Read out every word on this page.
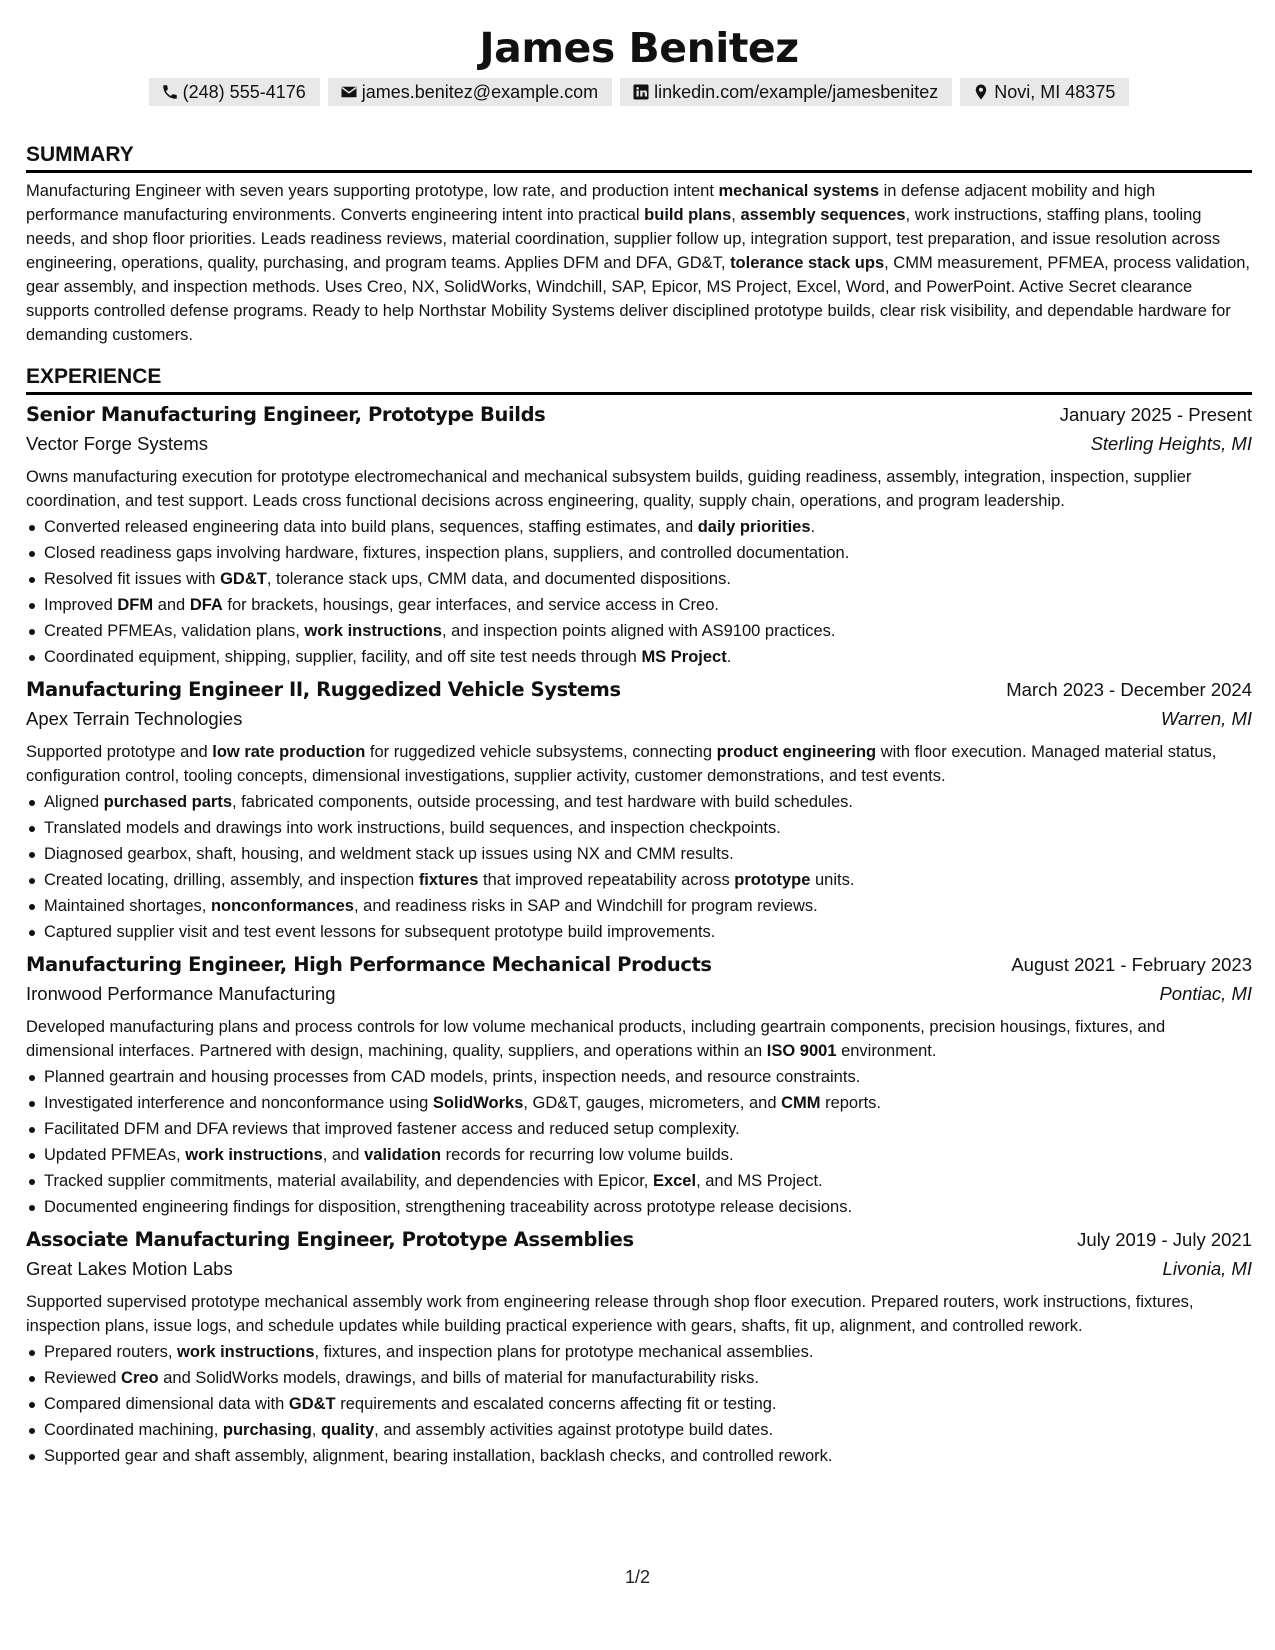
James Benitez
(248) 555-4176	james.benitez@example.com	linkedin.com/example/jamesbenitez	Novi, MI 48375
SUMMARY

Manufacturing Engineer with seven years supporting prototype, low rate, and production intent mechanical systems in defense adjacent mobility and high performance manufacturing environments. Converts engineering intent into practical build plans, assembly sequences, work instructions, staffing plans, tooling needs, and shop floor priorities. Leads readiness reviews, material coordination, supplier follow up, integration support, test preparation, and issue resolution across engineering, operations, quality, purchasing, and program teams. Applies DFM and DFA, GD&T, tolerance stack ups, CMM measurement, PFMEA, process validation, gear assembly, and inspection methods. Uses Creo, NX, SolidWorks, Windchill, SAP, Epicor, MS Project, Excel, Word, and PowerPoint. Active Secret clearance supports controlled defense programs. Ready to help Northstar Mobility Systems deliver disciplined prototype builds, clear risk visibility, and dependable hardware for demanding customers.

EXPERIENCE
Senior Manufacturing Engineer, Prototype Builds	January 2025 - Present
Vector Forge Systems	Sterling Heights, MI

Owns manufacturing execution for prototype electromechanical and mechanical subsystem builds, guiding readiness, assembly, integration, inspection, supplier coordination, and test support. Leads cross functional decisions across engineering, quality, supply chain, operations, and program leadership.

Converted released engineering data into build plans, sequences, staffing estimates, and daily priorities.
Closed readiness gaps involving hardware, fixtures, inspection plans, suppliers, and controlled documentation.
Resolved fit issues with GD&T, tolerance stack ups, CMM data, and documented dispositions.
Improved DFM and DFA for brackets, housings, gear interfaces, and service access in Creo.
Created PFMEAs, validation plans, work instructions, and inspection points aligned with AS9100 practices.
Coordinated equipment, shipping, supplier, facility, and off site test needs through MS Project.
Manufacturing Engineer II, Ruggedized Vehicle Systems	March 2023 - December 2024
Apex Terrain Technologies	Warren, MI

Supported prototype and low rate production for ruggedized vehicle subsystems, connecting product engineering with floor execution. Managed material status, configuration control, tooling concepts, dimensional investigations, supplier activity, customer demonstrations, and test events.

Aligned purchased parts, fabricated components, outside processing, and test hardware with build schedules.
Translated models and drawings into work instructions, build sequences, and inspection checkpoints.
Diagnosed gearbox, shaft, housing, and weldment stack up issues using NX and CMM results.
Created locating, drilling, assembly, and inspection fixtures that improved repeatability across prototype units.
Maintained shortages, nonconformances, and readiness risks in SAP and Windchill for program reviews.
Captured supplier visit and test event lessons for subsequent prototype build improvements.
Manufacturing Engineer, High Performance Mechanical Products	August 2021 - February 2023
Ironwood Performance Manufacturing	Pontiac, MI

Developed manufacturing plans and process controls for low volume mechanical products, including geartrain components, precision housings, fixtures, and dimensional interfaces. Partnered with design, machining, quality, suppliers, and operations within an ISO 9001 environment.

Planned geartrain and housing processes from CAD models, prints, inspection needs, and resource constraints.
Investigated interference and nonconformance using SolidWorks, GD&T, gauges, micrometers, and CMM reports.
Facilitated DFM and DFA reviews that improved fastener access and reduced setup complexity.
Updated PFMEAs, work instructions, and validation records for recurring low volume builds.
Tracked supplier commitments, material availability, and dependencies with Epicor, Excel, and MS Project.
Documented engineering findings for disposition, strengthening traceability across prototype release decisions.
Associate Manufacturing Engineer, Prototype Assemblies	July 2019 - July 2021
Great Lakes Motion Labs	Livonia, MI

Supported supervised prototype mechanical assembly work from engineering release through shop floor execution. Prepared routers, work instructions, fixtures, inspection plans, issue logs, and schedule updates while building practical experience with gears, shafts, fit up, alignment, and controlled rework.

Prepared routers, work instructions, fixtures, and inspection plans for prototype mechanical assemblies.
Reviewed Creo and SolidWorks models, drawings, and bills of material for manufacturability risks.
Compared dimensional data with GD&T requirements and escalated concerns affecting fit or testing.
Coordinated machining, purchasing, quality, and assembly activities against prototype build dates.
Supported gear and shaft assembly, alignment, bearing installation, backlash checks, and controlled rework.
1/2
